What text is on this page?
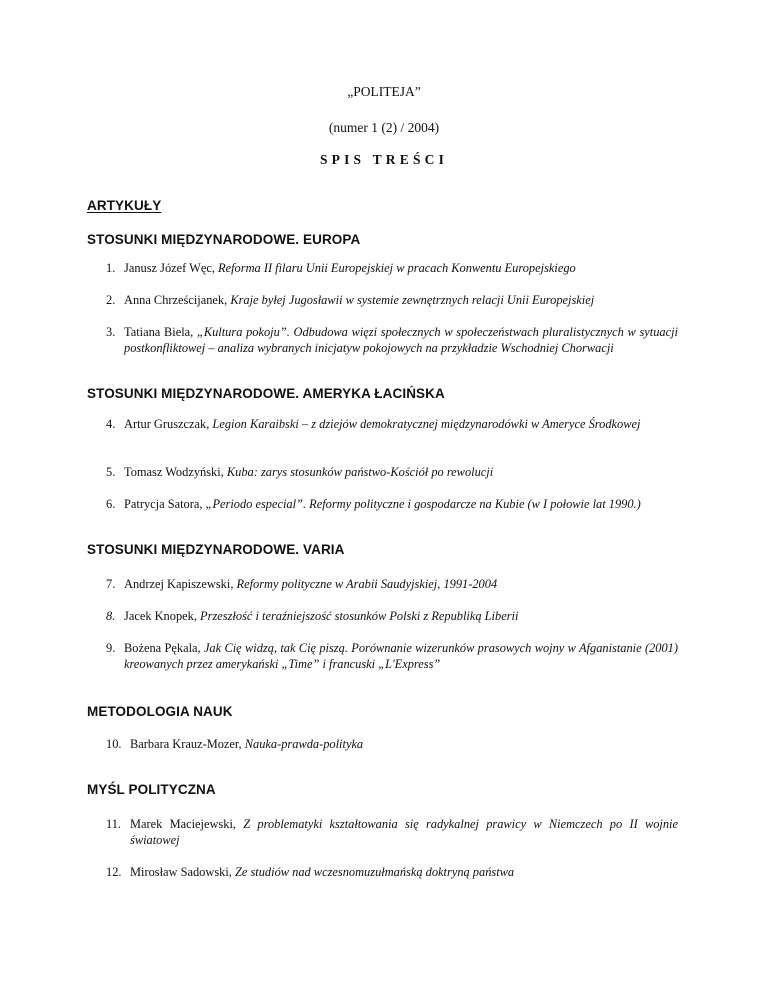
„POLITEJA”
(numer 1 (2) / 2004)
SPIS TREŚCI
ARTYKUŁY
STOSUNKI MIĘDZYNARODOWE. EUROPA
1. Janusz Józef Węc, Reforma II filaru Unii Europejskiej w pracach Konwentu Europejskiego
2. Anna Chrześcijanek, Kraje byłej Jugosławii w systemie zewnętrznych relacji Unii Europejskiej
3. Tatiana Biela, „Kultura pokoju”. Odbudowa więzi społecznych w społeczeństwach pluralistycznych w sytuacji postkonfliktowej – analiza wybranych inicjatyw pokojowych na przykładzie Wschodniej Chorwacji
STOSUNKI MIĘDZYNARODOWE. AMERYKA ŁACIŃSKA
4. Artur Gruszczak, Legion Karaibski – z dziejów demokratycznej międzynarodówki w Ameryce Środkowej
5. Tomasz Wodzyński, Kuba: zarys stosunków państwo-Kościół po rewolucji
6. Patrycja Satora, „Periodo especial”. Reformy polityczne i gospodarcze na Kubie (w I połowie lat 1990.)
STOSUNKI MIĘDZYNARODOWE. VARIA
7. Andrzej Kapiszewski, Reformy polityczne w Arabii Saudyjskiej, 1991-2004
8. Jacek Knopek, Przeszłość i teraźniejszość stosunków Polski z Republiką Liberii
9. Bożena Pękala, Jak Cię widzą, tak Cię piszą. Porównanie wizerunków prasowych wojny w Afganistanie (2001) kreowanych przez amerykański „Time” i francuski „L'Express”
METODOLOGIA NAUK
10. Barbara Krauz-Mozer, Nauka-prawda-polityka
MYŚL POLITYCZNA
11. Marek Maciejewski, Z problematyki kształtowania się radykalnej prawicy w Niemczech po II wojnie światowej
12. Mirosław Sadowski, Ze studiów nad wczesnomuzułmańską doktryną państwa
